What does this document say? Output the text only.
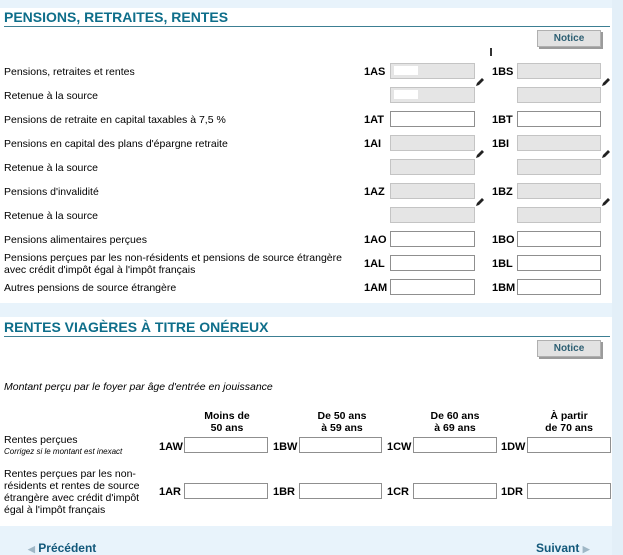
PENSIONS, RETRAITES, RENTES
Notice
Pensions, retraites et rentes	1AS	1BS
Retenue à la source
Pensions de retraite en capital taxables à 7,5 %	1AT	1BT
Pensions en capital des plans d'épargne retraite	1AI	1BI
Retenue à la source
Pensions d'invalidité	1AZ	1BZ
Retenue à la source
Pensions alimentaires perçues	1AO	1BO
Pensions perçues par les non-résidents et pensions de source étrangère
avec crédit d'impôt égal à l'impôt français	1AL	1BL
Autres pensions de source étrangère	1AM	1BM
RENTES VIAGÈRES À TITRE ONÉREUX
Notice
Montant perçu par le foyer par âge d'entrée en jouissance
Moins de
50 ans
De 50 ans
à 59 ans
De 60 ans
à 69 ans
À partir
de 70 ans
Rentes perçues
Corrigez si le montant est inexact	1AW	1BW	1CW	1DW
Rentes perçues par les non-
résidents et rentes de source
étrangère avec crédit d'impôt
égal à l'impôt français
1AR	1BR	1CR	1DR
◀ Précédent	Suivant ▶
